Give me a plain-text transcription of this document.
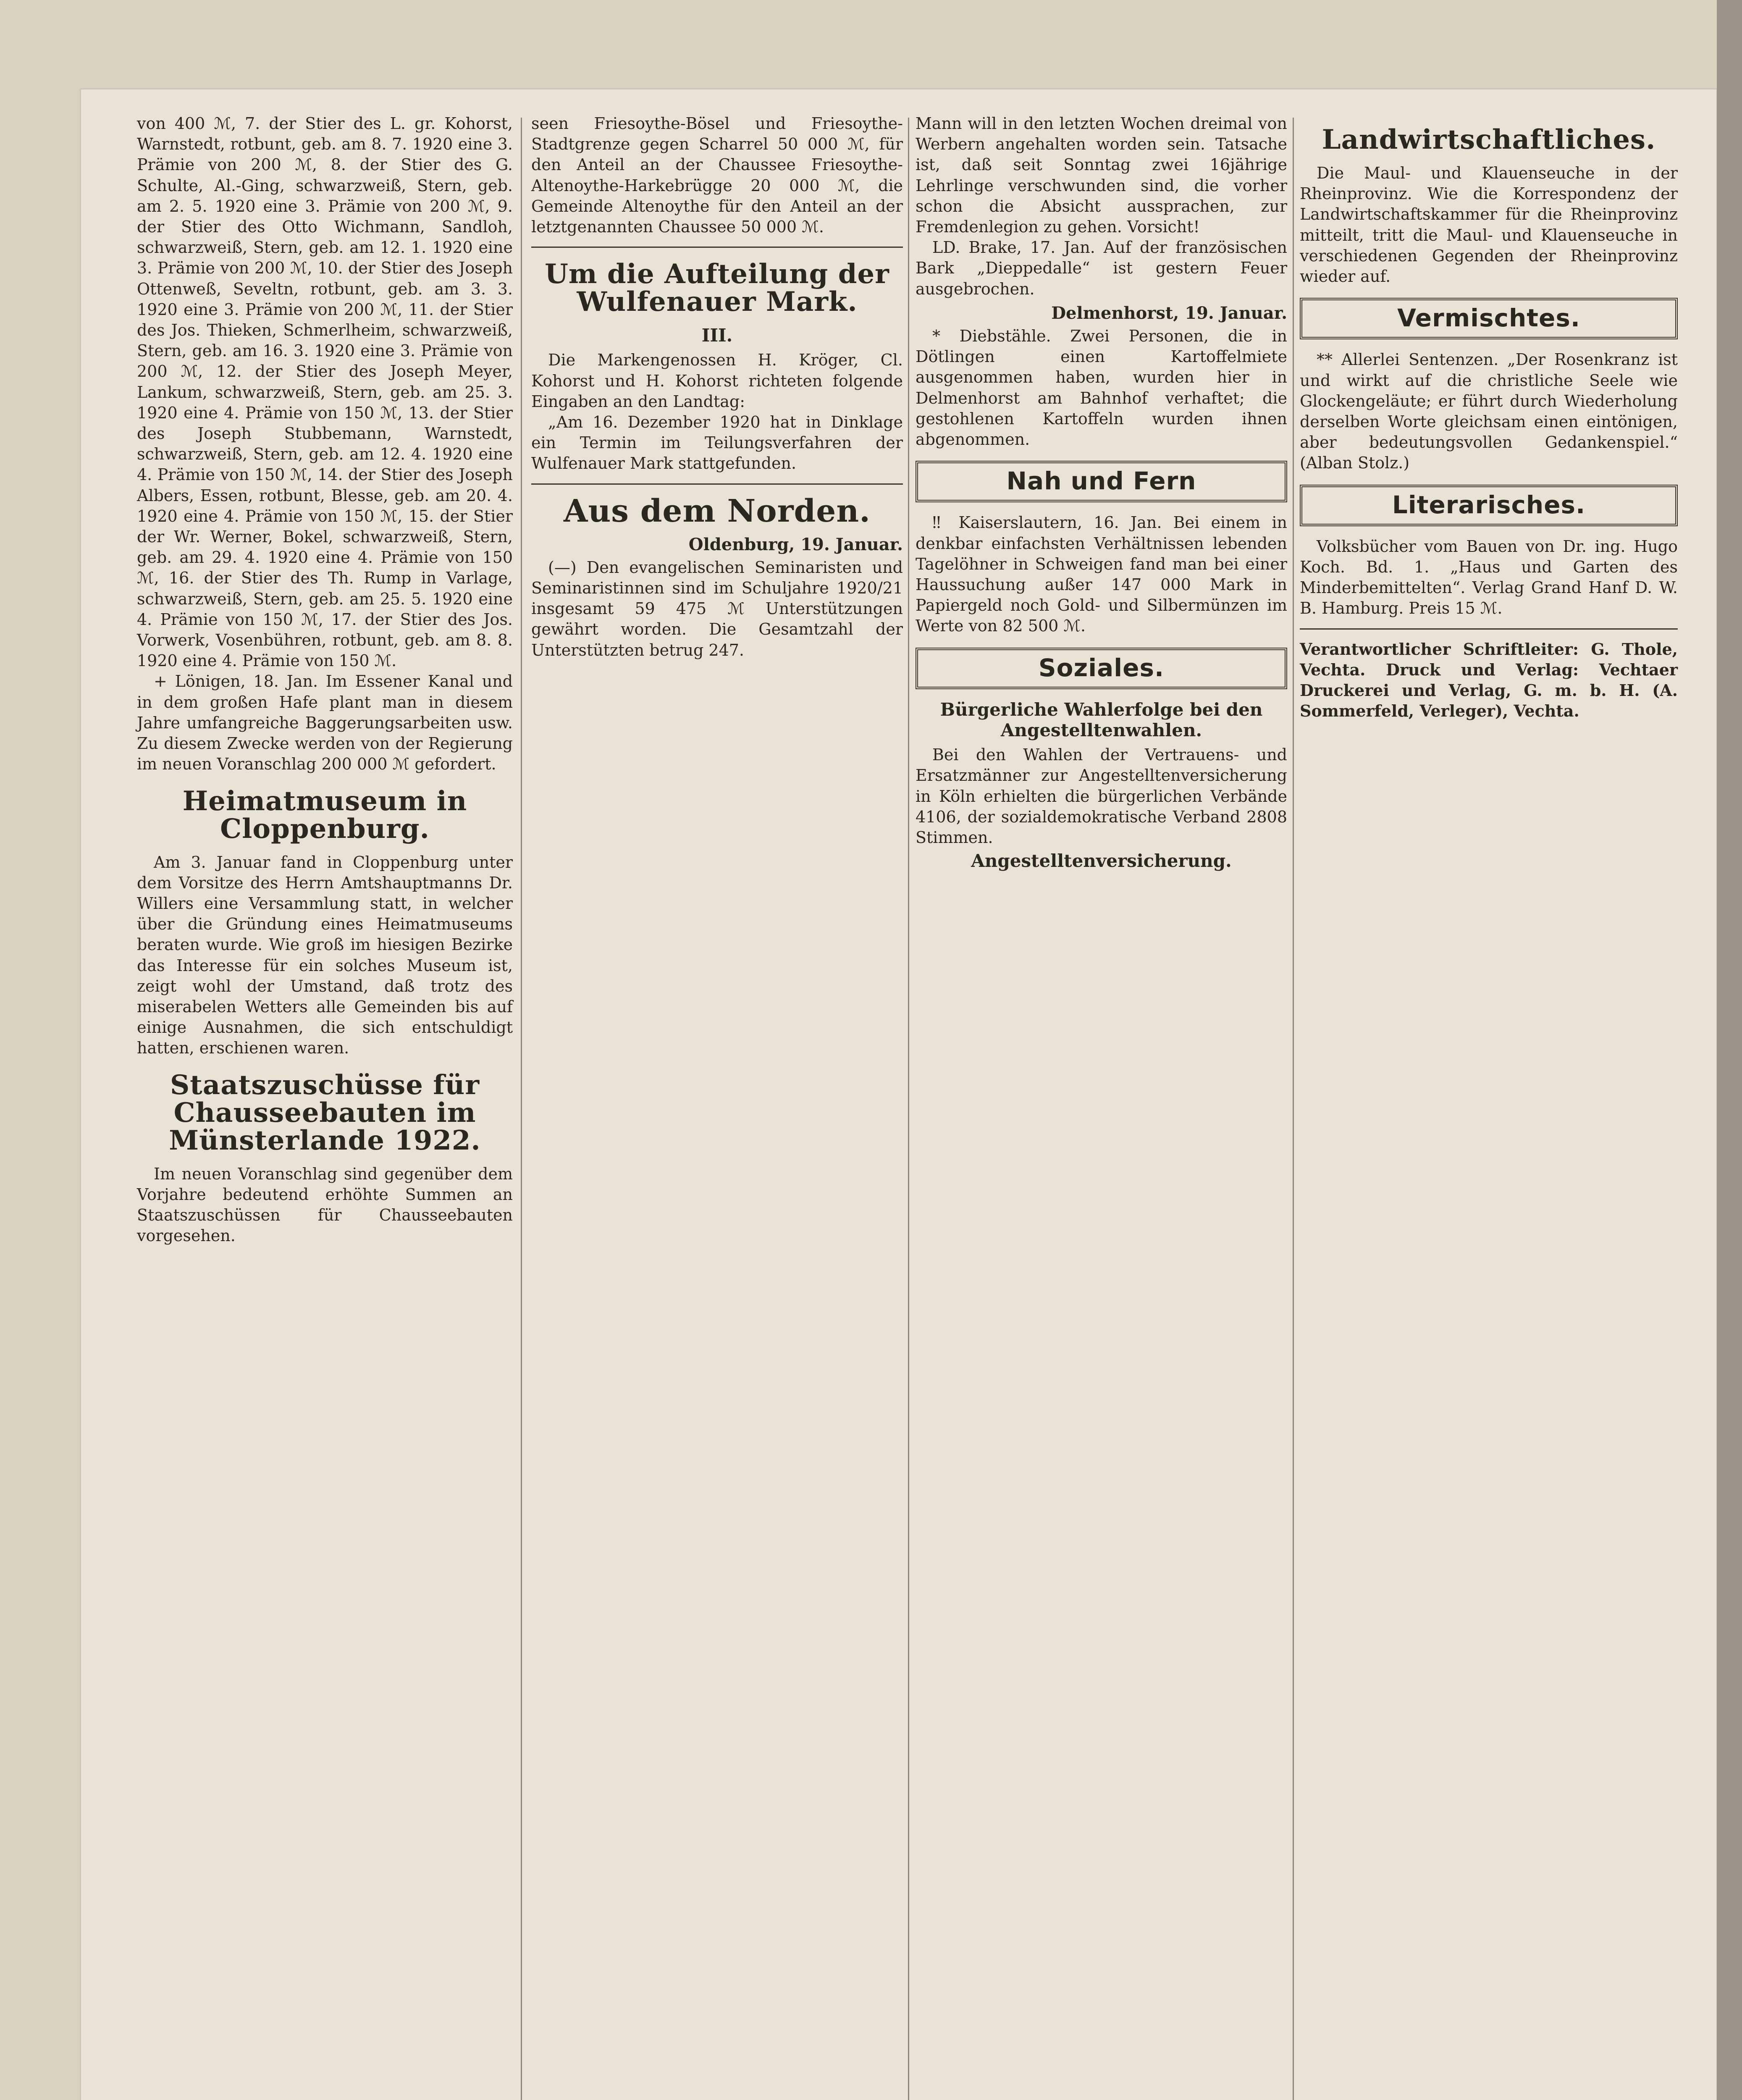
von 400 ℳ, 7. der Stier des L. gr. Kohorst, Warnstedt, rotbunt, geb. am 8. 7. 1920 eine 3. Prämie von 200 ℳ, 8. der Stier des G. Schulte, Al.-Ging, schwarzweiß, Stern, geb. am 2. 5. 1920 eine 3. Prämie von 200 ℳ, 9. der Stier des Otto Wichmann, Sandloh, schwarzweiß, Stern, geb. am 12. 1. 1920 eine 3. Prämie von 200 ℳ, 10. der Stier des Joseph Ottenweß, Seveltn, rotbunt, geb. am 3. 3. 1920 eine 3. Prämie von 200 ℳ, 11. der Stier des Jos. Thieken, Schmerlheim, schwarzweiß, Stern, geb. am 16. 3. 1920 eine 3. Prämie von 200 ℳ, 12. der Stier des Joseph Meyer, Lankum, schwarzweiß, Stern, geb. am 25. 3. 1920 eine 4. Prämie von 150 ℳ, 13. der Stier des Joseph Stubbemann, Warnstedt, schwarzweiß, Stern, geb. am 12. 4. 1920 eine 4. Prämie von 150 ℳ, 14. der Stier des Joseph Albers, Essen, rotbunt, Blesse, geb. am 20. 4. 1920 eine 4. Prämie von 150 ℳ, 15. der Stier der Wr. Werner, Bokel, schwarzweiß, Stern, geb. am 29. 4. 1920 eine 4. Prämie von 150 ℳ, 16. der Stier des Th. Rump in Varlage, schwarzweiß, Stern, geb. am 25. 5. 1920 eine 4. Prämie von 150 ℳ, 17. der Stier des Jos. Vorwerk, Vosenbühren, rotbunt, geb. am 8. 8. 1920 eine 4. Prämie von 150 ℳ.

+ Lönigen, 18. Jan. Im Essener Kanal und in dem großen Hafe plant man in diesem Jahre umfangreiche Baggerungsarbeiten usw. Zu diesem Zwecke werden von der Regierung im neuen Voranschlag 200 000 ℳ gefordert.

Heimatmuseum in Cloppenburg.

Am 3. Januar fand in Cloppenburg unter dem Vorsitze des Herrn Amtshauptmanns Dr. Willers eine Versammlung statt, in welcher über die Gründung eines Heimatmuseums beraten wurde. Wie groß im hiesigen Bezirke das Interesse für ein solches Museum ist, zeigt wohl der Umstand, daß trotz des miserabelen Wetters alle Gemeinden bis auf einige Ausnahmen, die sich entschuldigt hatten, erschienen waren.

Staatszuschüsse für Chausseebauten im Münsterlande 1922.

Im neuen Voranschlag sind gegenüber dem Vorjahre bedeutend erhöhte Summen an Staatszuschüssen für Chausseebauten vorgesehen.

seen Friesoythe-Bösel und Friesoythe-Stadtgrenze gegen Scharrel 50 000 ℳ, für den Anteil an der Chaussee Friesoythe-Altenoythe-Harkebrügge 20 000 ℳ, die Gemeinde Altenoythe für den Anteil an der letztgenannten Chaussee 50 000 ℳ.

Um die Aufteilung der Wulfenauer Mark.
III.

Die Markengenossen H. Kröger, Cl. Kohorst und H. Kohorst richteten folgende Eingaben an den Landtag:

„Am 16. Dezember 1920 hat in Dinklage ein Termin im Teilungsverfahren der Wulfenauer Mark stattgefunden.

Aus dem Norden.
Oldenburg, 19. Januar.

(—) Den evangelischen Seminaristen und Seminaristinnen sind im Schuljahre 1920/21 insgesamt 59 475 ℳ Unterstützungen gewährt worden. Die Gesamtzahl der Unterstützten betrug 247.

Mann will in den letzten Wochen dreimal von Werbern angehalten worden sein. Tatsache ist, daß seit Sonntag zwei 16jährige Lehrlinge verschwunden sind, die vorher schon die Absicht aussprachen, zur Fremdenlegion zu gehen. Vorsicht!

LD. Brake, 17. Jan. Auf der französischen Bark „Dieppedalle“ ist gestern Feuer ausgebrochen.

Delmenhorst, 19. Januar.

* Diebstähle. Zwei Personen, die in Dötlingen einen Kartoffelmiete ausgenommen haben, wurden hier in Delmenhorst am Bahnhof verhaftet; die gestohlenen Kartoffeln wurden ihnen abgenommen.

Nah und Fern

‼ Kaiserslautern, 16. Jan. Bei einem in denkbar einfachsten Verhältnissen lebenden Tagelöhner in Schweigen fand man bei einer Haussuchung außer 147 000 Mark in Papiergeld noch Gold- und Silbermünzen im Werte von 82 500 ℳ.

Soziales.
Bürgerliche Wahlerfolge bei den Angestelltenwahlen.

Bei den Wahlen der Vertrauens- und Ersatzmänner zur Angestelltenversicherung in Köln erhielten die bürgerlichen Verbände 4106, der sozialdemokratische Verband 2808 Stimmen.

Angestelltenversicherung.
Landwirtschaftliches.

Die Maul- und Klauenseuche in der Rheinprovinz. Wie die Korrespondenz der Landwirtschaftskammer für die Rheinprovinz mitteilt, tritt die Maul- und Klauenseuche in verschiedenen Gegenden der Rheinprovinz wieder auf.

Vermischtes.

** Allerlei Sentenzen. „Der Rosenkranz ist und wirkt auf die christliche Seele wie Glockengeläute; er führt durch Wiederholung derselben Worte gleichsam einen eintönigen, aber bedeutungsvollen Gedankenspiel.“ (Alban Stolz.)

Literarisches.

Volksbücher vom Bauen von Dr. ing. Hugo Koch. Bd. 1. „Haus und Garten des Minderbemittelten“. Verlag Grand Hanf D. W. B. Hamburg. Preis 15 ℳ.

Verantwortlicher Schriftleiter: G. Thole, Vechta. Druck und Verlag: Vechtaer Druckerei und Verlag, G. m. b. H. (A. Sommerfeld, Verleger), Vechta.
